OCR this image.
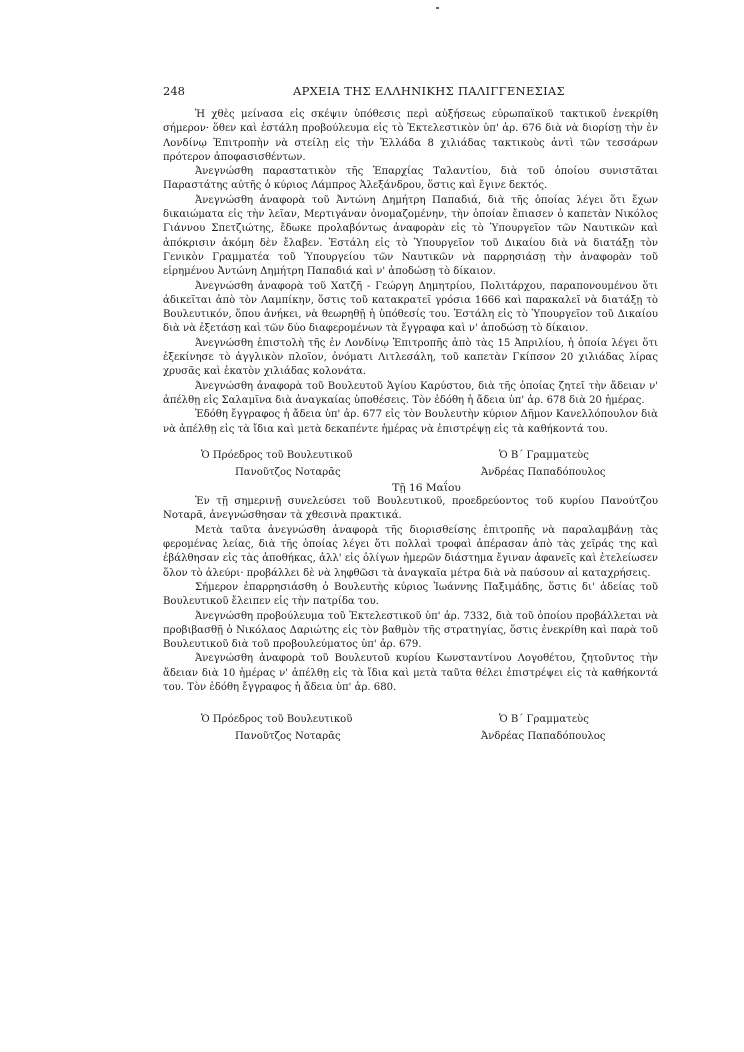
248	ΑΡΧΕΙΑ ΤΗΣ ΕΛΛΗΝΙΚΗΣ ΠΑΛΙΓΓΕΝΕΣΙΑΣ

Ἡ χθὲς μείνασα εἰς σκέψιν ὑπόθεσις περὶ αὐξήσεως εὐρωπαϊκοῦ τακτικοῦ ἐνεκρίθη σήμερον· ὅθεν καὶ ἐστάλη προβούλευμα εἰς τὸ Ἐκτελεστικὸν ὑπ' ἀρ. 676 διὰ νὰ διορίσῃ τὴν ἐν Λονδίνῳ Ἐπιτροπὴν νὰ στείλῃ εἰς τὴν Ἑλλάδα 8 χιλιάδας τακτικοὺς ἀντὶ τῶν τεσσάρων πρότερον ἀποφασισθέντων.

Ἀνεγνώσθη παραστατικὸν τῆς Ἐπαρχίας Ταλαντίου, διὰ τοῦ ὁποίου συνιστᾶται Παραστάτης αὐτῆς ὁ κύριος Λάμπρος Ἀλεξάνδρου, ὅστις καὶ ἔγινε δεκτός.

Ἀνεγνώσθη ἀναφορὰ τοῦ Ἀντώνη Δημήτρη Παπαδιά, διὰ τῆς ὁποίας λέγει ὅτι ἔχων δικαιώματα εἰς τὴν λεῖαν, Μερτιγάναν ὀνομαζομένην, τὴν ὁποίαν ἔπιασεν ὁ καπετὰν Νικόλος Γιάννου Σπετζιώτης, ἔδωκε προλαβόντως ἀναφορὰν εἰς τὸ Ὑπουργεῖον τῶν Ναυτικῶν καὶ ἀπόκρισιν ἀκόμη δὲν ἔλαβεν. Ἐστάλη εἰς τὸ Ὑπουργεῖον τοῦ Δικαίου διὰ νὰ διατάξῃ τὸν Γενικὸν Γραμματέα τοῦ Ὑπουργείου τῶν Ναυτικῶν νὰ παρρησιάσῃ τὴν ἀναφορὰν τοῦ εἰρημένου Ἀντώνη Δημήτρη Παπαδιά καὶ ν' ἀποδώσῃ τὸ δίκαιον.

Ἀνεγνώσθη ἀναφορὰ τοῦ Χατζῆ - Γεώργη Δημητρίου, Πολιτάρχου, παραπονουμένου ὅτι ἀδικεῖται ἀπὸ τὸν Λαμπίκην, ὅστις τοῦ κατακρατεῖ γρόσια 1666 καὶ παρακαλεῖ νὰ διατάξῃ τὸ Βουλευτικόν, ὅπου ἀνήκει, νὰ θεωρηθῇ ἡ ὑπόθεσίς του. Ἐστάλη εἰς τὸ Ὑπουργεῖον τοῦ Δικαίου διὰ νὰ ἐξετάσῃ καὶ τῶν δύο διαφερομένων τὰ ἔγγραφα καὶ ν' ἀποδώσῃ τὸ δίκαιον.

Ἀνεγνώσθη ἐπιστολὴ τῆς ἐν Λονδίνῳ Ἐπιτροπῆς ἀπὸ τὰς 15 Ἀπριλίου, ἡ ὁποία λέγει ὅτι ἐξεκίνησε τὸ ἀγγλικὸν πλοῖον, ὀνόματι Λιτλεσάλη, τοῦ καπετὰν Γκίπσον 20 χιλιάδας λίρας χρυσᾶς καὶ ἑκατὸν χιλιάδας κολονάτα.

Ἀνεγνώσθη ἀναφορὰ τοῦ Βουλευτοῦ Ἁγίου Καρύστου, διὰ τῆς ὁποίας ζητεῖ τὴν ἄδειαν ν' ἀπέλθῃ εἰς Σαλαμῖνα διὰ ἀναγκαίας ὑποθέσεις. Τὸν ἐδόθη ἡ ἄδεια ὑπ' ἀρ. 678 διὰ 20 ἡμέρας.

Ἐδόθη ἔγγραφος ἡ ἄδεια ὑπ' ἀρ. 677 εἰς τὸν Βουλευτὴν κύριον Δῆμον Κανελλόπουλον διὰ νὰ ἀπέλθῃ εἰς τὰ ἴδια καὶ μετὰ δεκαπέντε ἡμέρας νὰ ἐπιστρέψῃ εἰς τὰ καθήκοντά του.

Ὁ Πρόεδρος τοῦ Βουλευτικοῦ
Πανοῦτζος Νοταρᾶς
Ὁ Β΄ Γραμματεὺς
Ἀνδρέας Παπαδόπουλος

Τῇ 16 Μαΐου

Ἐν τῇ σημερινῇ συνελεύσει τοῦ Βουλευτικοῦ, προεδρεύοντος τοῦ κυρίου Πανούτζου Νοταρᾶ, ἀνεγνώσθησαν τὰ χθεσινὰ πρακτικά.

Μετὰ ταῦτα ἀνεγνώσθη ἀναφορὰ τῆς διορισθείσης ἐπιτροπῆς νὰ παραλαμβάνῃ τὰς φερομένας λείας, διὰ τῆς ὁποίας λέγει ὅτι πολλαὶ τροφαὶ ἀπέρασαν ἀπὸ τὰς χεῖράς της καὶ ἐβάλθησαν εἰς τὰς ἀποθήκας, ἀλλ' εἰς ὀλίγων ἡμερῶν διάστημα ἔγιναν ἀφανεῖς καὶ ἐτελείωσεν ὅλον τὸ ἀλεύρι· προβάλλει δὲ νὰ ληφθῶσι τὰ ἀναγκαῖα μέτρα διὰ νὰ παύσουν αἱ καταχρήσεις.

Σήμερον ἐπαρρησιάσθη ὁ Βουλευτὴς κύριος Ἰωάννης Παξιμάδης, ὅστις δι' ἀδείας τοῦ Βουλευτικοῦ ἔλειπεν εἰς τὴν πατρίδα του.

Ἀνεγνώσθη προβούλευμα τοῦ Ἐκτελεστικοῦ ὑπ' ἀρ. 7332, διὰ τοῦ ὁποίου προβάλλεται νὰ προβιβασθῇ ὁ Νικόλαος Δαριώτης εἰς τὸν βαθμὸν τῆς στρατηγίας, ὅστις ἐνεκρίθη καὶ παρὰ τοῦ Βουλευτικοῦ διὰ τοῦ προβουλεύματος ὑπ' ἀρ. 679.

Ἀνεγνώσθη ἀναφορὰ τοῦ Βουλευτοῦ κυρίου Κωνσταντίνου Λογοθέτου, ζητοῦντος τὴν ἄδειαν διὰ 10 ἡμέρας ν' ἀπέλθῃ εἰς τὰ ἴδια καὶ μετὰ ταῦτα θέλει ἐπιστρέψει εἰς τὰ καθήκοντά του. Τὸν ἐδόθη ἔγγραφος ἡ ἄδεια ὑπ' ἀρ. 680.

Ὁ Πρόεδρος τοῦ Βουλευτικοῦ
Πανοῦτζος Νοταρᾶς
Ὁ Β΄ Γραμματεὺς
Ἀνδρέας Παπαδόπουλος
